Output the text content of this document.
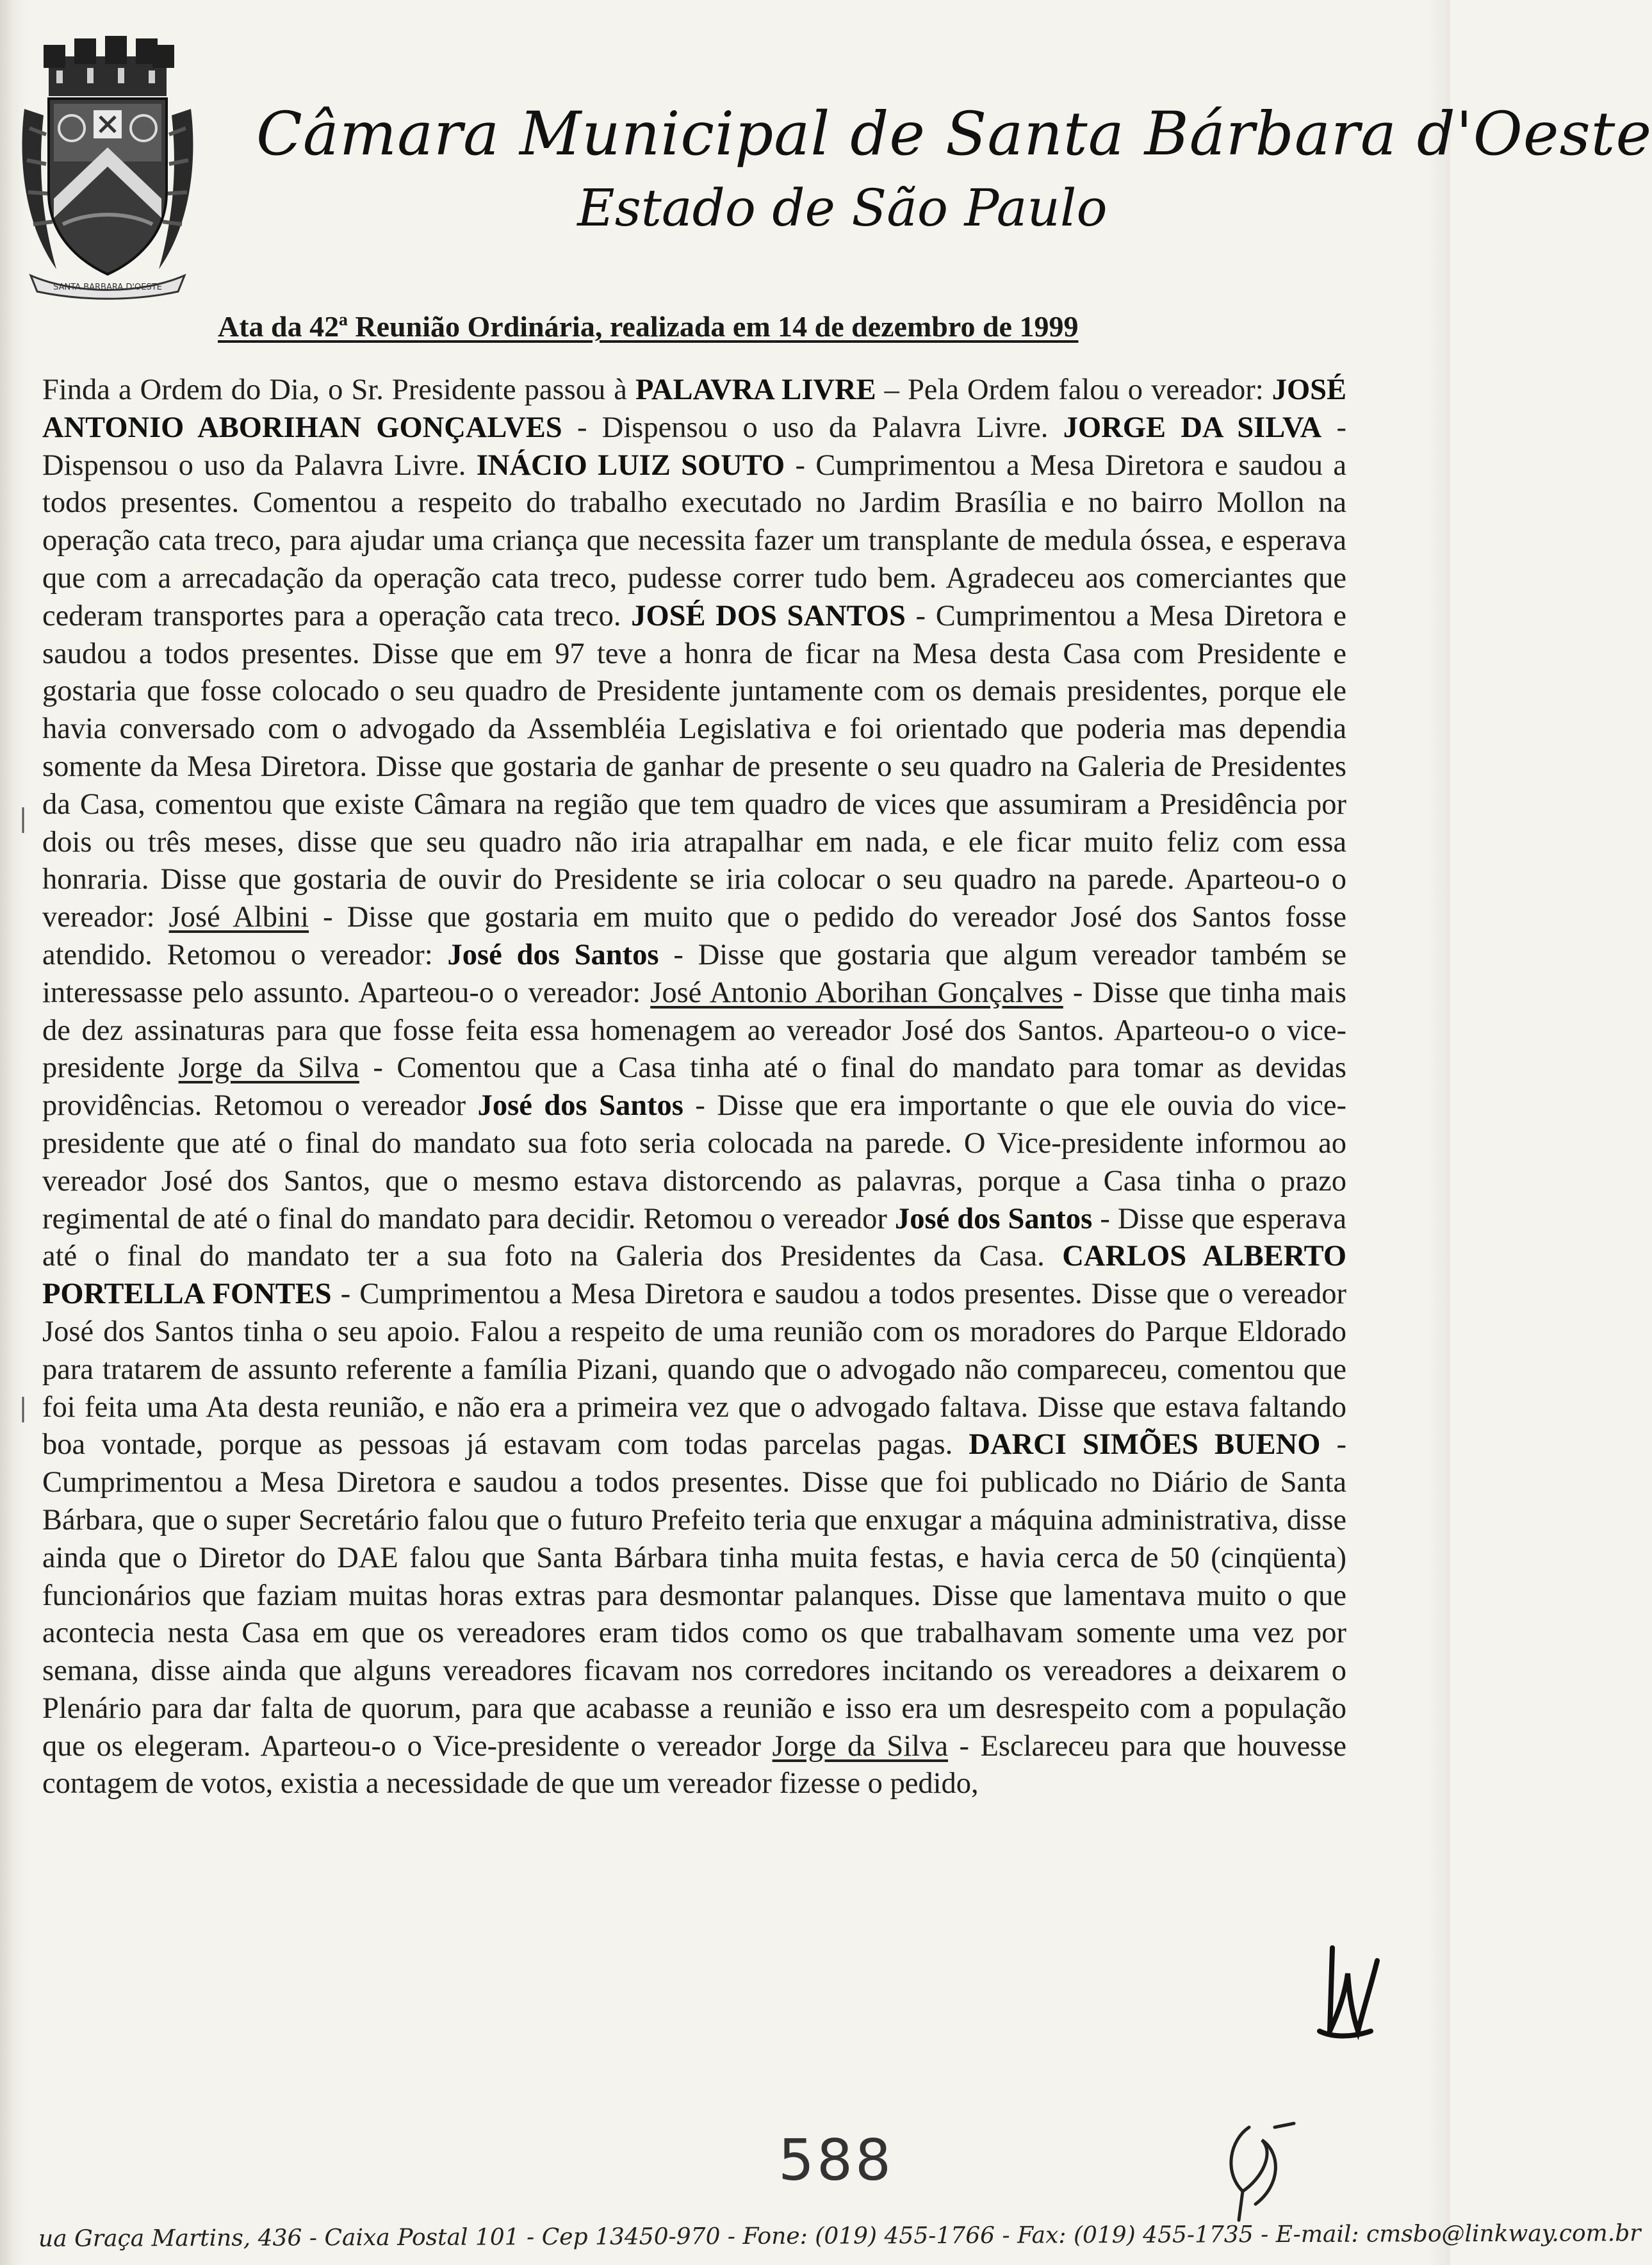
SANTA BARBARA D'OESTE
Câmara Municipal de Santa Bárbara d'Oeste
Estado de São Paulo
Ata da 42ª Reunião Ordinária, realizada em 14 de dezembro de 1999
Finda a Ordem do Dia, o Sr. Presidente passou à PALAVRA LIVRE – Pela Ordem falou o vereador: JOSÉ ANTONIO ABORIHAN GONÇALVES - Dispensou o uso da Palavra Livre. JORGE DA SILVA - Dispensou o uso da Palavra Livre. INÁCIO LUIZ SOUTO - Cumprimentou a Mesa Diretora e saudou a todos presentes. Comentou a respeito do trabalho executado no Jardim Brasília e no bairro Mollon na operação cata treco, para ajudar uma criança que necessita fazer um transplante de medula óssea, e esperava que com a arrecadação da operação cata treco, pudesse correr tudo bem. Agradeceu aos comerciantes que cederam transportes para a operação cata treco. JOSÉ DOS SANTOS - Cumprimentou a Mesa Diretora e saudou a todos presentes. Disse que em 97 teve a honra de ficar na Mesa desta Casa com Presidente e gostaria que fosse colocado o seu quadro de Presidente juntamente com os demais presidentes, porque ele havia conversado com o advogado da Assembléia Legislativa e foi orientado que poderia mas dependia somente da Mesa Diretora. Disse que gostaria de ganhar de presente o seu quadro na Galeria de Presidentes da Casa, comentou que existe Câmara na região que tem quadro de vices que assumiram a Presidência por dois ou três meses, disse que seu quadro não iria atrapalhar em nada, e ele ficar muito feliz com essa honraria. Disse que gostaria de ouvir do Presidente se iria colocar o seu quadro na parede. Aparteou-o o vereador: José Albini - Disse que gostaria em muito que o pedido do vereador José dos Santos fosse atendido. Retomou o vereador: José dos Santos - Disse que gostaria que algum vereador também se interessasse pelo assunto. Aparteou-o o vereador: José Antonio Aborihan Gonçalves - Disse que tinha mais de dez assinaturas para que fosse feita essa homenagem ao vereador José dos Santos. Aparteou-o o vice-presidente Jorge da Silva - Comentou que a Casa tinha até o final do mandato para tomar as devidas providências. Retomou o vereador José dos Santos - Disse que era importante o que ele ouvia do vice-presidente que até o final do mandato sua foto seria colocada na parede. O Vice-presidente informou ao vereador José dos Santos, que o mesmo estava distorcendo as palavras, porque a Casa tinha o prazo regimental de até o final do mandato para decidir. Retomou o vereador José dos Santos - Disse que esperava até o final do mandato ter a sua foto na Galeria dos Presidentes da Casa. CARLOS ALBERTO PORTELLA FONTES - Cumprimentou a Mesa Diretora e saudou a todos presentes. Disse que o vereador José dos Santos tinha o seu apoio. Falou a respeito de uma reunião com os moradores do Parque Eldorado para tratarem de assunto referente a família Pizani, quando que o advogado não compareceu, comentou que foi feita uma Ata desta reunião, e não era a primeira vez que o advogado faltava. Disse que estava faltando boa vontade, porque as pessoas já estavam com todas parcelas pagas. DARCI SIMÕES BUENO - Cumprimentou a Mesa Diretora e saudou a todos presentes. Disse que foi publicado no Diário de Santa Bárbara, que o super Secretário falou que o futuro Prefeito teria que enxugar a máquina administrativa, disse ainda que o Diretor do DAE falou que Santa Bárbara tinha muita festas, e havia cerca de 50 (cinqüenta) funcionários que faziam muitas horas extras para desmontar palanques. Disse que lamentava muito o que acontecia nesta Casa em que os vereadores eram tidos como os que trabalhavam somente uma vez por semana, disse ainda que alguns vereadores ficavam nos corredores incitando os vereadores a deixarem o Plenário para dar falta de quorum, para que acabasse a reunião e isso era um desrespeito com a população que os elegeram. Aparteou-o o Vice-presidente o vereador Jorge da Silva - Esclareceu para que houvesse contagem de votos, existia a necessidade de que um vereador fizesse o pedido,
588
ua Graça Martins, 436 - Caixa Postal 101 - Cep 13450-970 - Fone: (019) 455-1766 - Fax: (019) 455-1735 - E-mail: cmsbo@linkway.com.br
